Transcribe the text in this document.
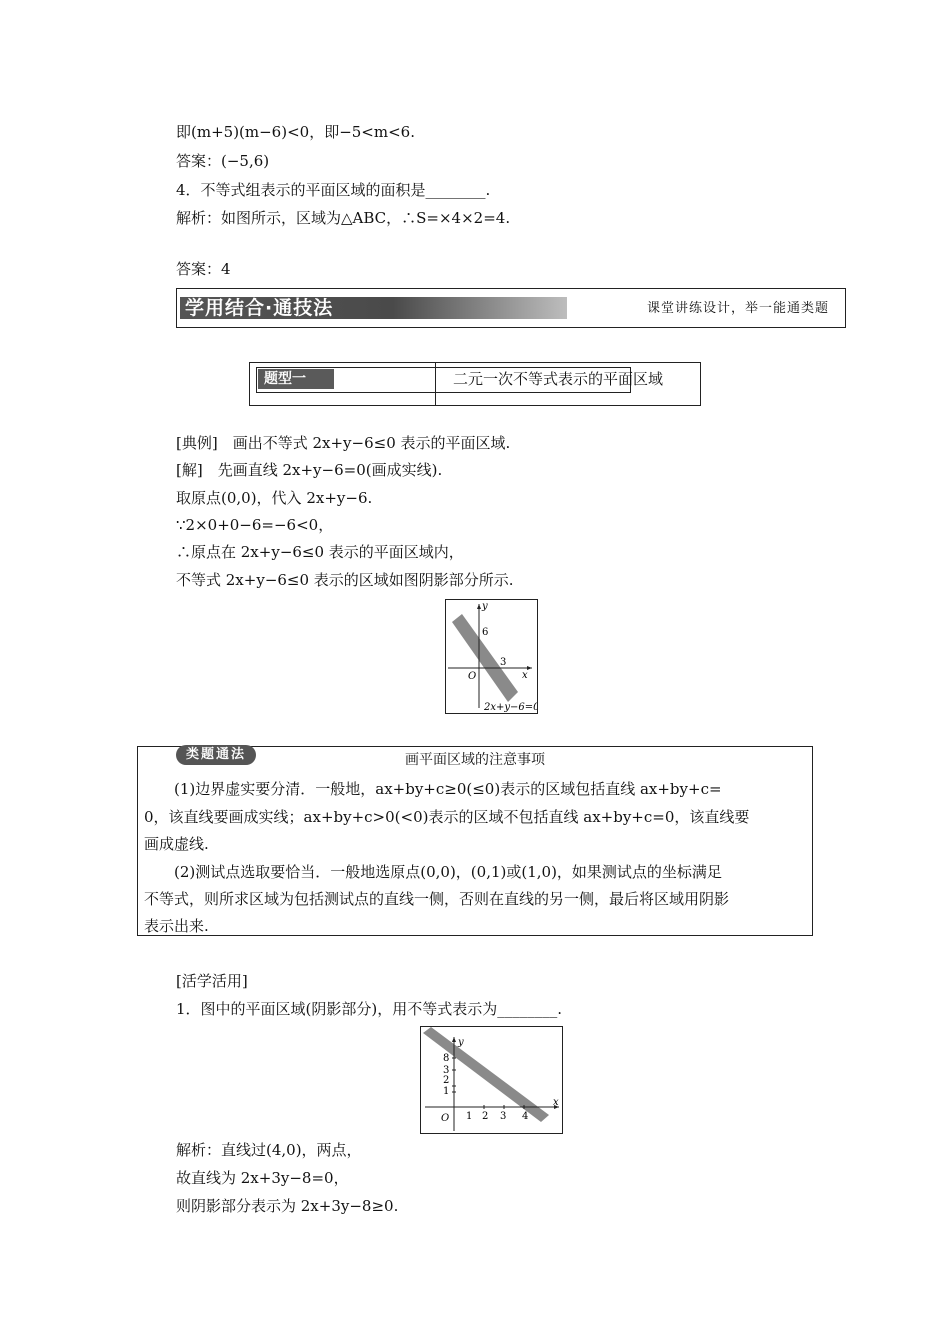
即(m+5)(m−6)<0，即−5<m<6.
答案：(−5,6)
4．不等式组表示的平面区域的面积是________.
解析：如图所示，区域为△ABC，∴S=×4×2=4.
答案：4
学用结合·通技法	课堂讲练设计，举一能通类题
题型一	二元一次不等式表示的平面区域
[典例]　画出不等式 2x+y−6≤0 表示的平面区域.
[解]　先画直线 2x+y−6=0(画成实线).
取原点(0,0)，代入 2x+y−6.
∵2×0+0−6=−6<0，
∴原点在 2x+y−6≤0 表示的平面区域内，
不等式 2x+y−6≤0 表示的区域如图阴影部分所示.
y
x
O
6
3
2x+y−6=0
类题通法	画平面区域的注意事项
　　(1)边界虚实要分清．一般地，ax+by+c≥0(≤0)表示的区域包括直线 ax+by+c=
0，该直线要画成实线；ax+by+c>0(<0)表示的区域不包括直线 ax+by+c=0，该直线要
画成虚线.
　　(2)测试点选取要恰当．一般地选原点(0,0)，(0,1)或(1,0)，如果测试点的坐标满足
不等式，则所求区域为包括测试点的直线一侧，否则在直线的另一侧，最后将区域用阴影
表示出来.
[活学活用]
1．图中的平面区域(阴影部分)，用不等式表示为________.
y
x
O
8
3
2
1
1 2 3 4
解析：直线过(4,0)，两点，
故直线为 2x+3y−8=0，
则阴影部分表示为 2x+3y−8≥0.
